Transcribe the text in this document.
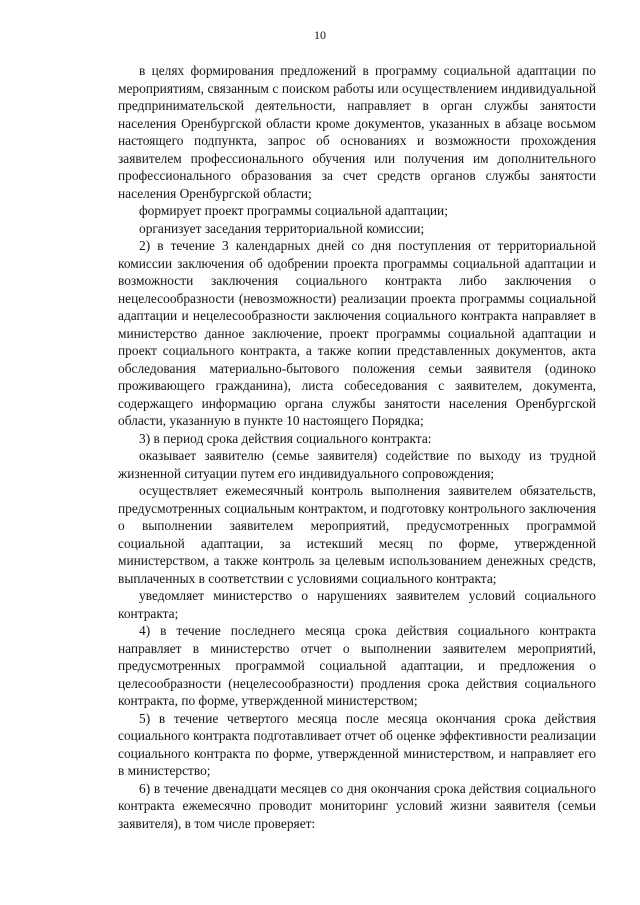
10

в целях формирования предложений в программу социальной адаптации по мероприятиям, связанным с поиском работы или осуществлением индивидуальной предпринимательской деятельности, направляет в орган службы занятости населения Оренбургской области кроме документов, указанных в абзаце восьмом настоящего подпункта, запрос об основаниях и возможности прохождения заявителем профессионального обучения или получения им дополнительного профессионального образования за счет средств органов службы занятости населения Оренбургской области;

формирует проект программы социальной адаптации;

организует заседания территориальной комиссии;

2) в течение 3 календарных дней со дня поступления от территориальной комиссии заключения об одобрении проекта программы социальной адаптации и возможности заключения социального контракта либо заключения о нецелесообразности (невозможности) реализации проекта программы социальной адаптации и нецелесообразности заключения социального контракта направляет в министерство данное заключение, проект программы социальной адаптации и проект социального контракта, а также копии представленных документов, акта обследования материально-бытового положения семьи заявителя (одиноко проживающего гражданина), листа собеседования с заявителем, документа, содержащего информацию органа службы занятости населения Оренбургской области, указанную в пункте 10 настоящего Порядка;

3) в период срока действия социального контракта:

оказывает заявителю (семье заявителя) содействие по выходу из трудной жизненной ситуации путем его индивидуального сопровождения;

осуществляет ежемесячный контроль выполнения заявителем обязательств, предусмотренных социальным контрактом, и подготовку контрольного заключения о выполнении заявителем мероприятий, предусмотренных программой социальной адаптации, за истекший месяц по форме, утвержденной министерством, а также контроль за целевым использованием денежных средств, выплаченных в соответствии с условиями социального контракта;

уведомляет министерство о нарушениях заявителем условий социального контракта;

4) в течение последнего месяца срока действия социального контракта направляет в министерство отчет о выполнении заявителем мероприятий, предусмотренных программой социальной адаптации, и предложения о целесообразности (нецелесообразности) продления срока действия социального контракта, по форме, утвержденной министерством;

5) в течение четвертого месяца после месяца окончания срока действия социального контракта подготавливает отчет об оценке эффективности реализации социального контракта по форме, утвержденной министерством, и направляет его в министерство;

6) в течение двенадцати месяцев со дня окончания срока действия социального контракта ежемесячно проводит мониторинг условий жизни заявителя (семьи заявителя), в том числе проверяет:
